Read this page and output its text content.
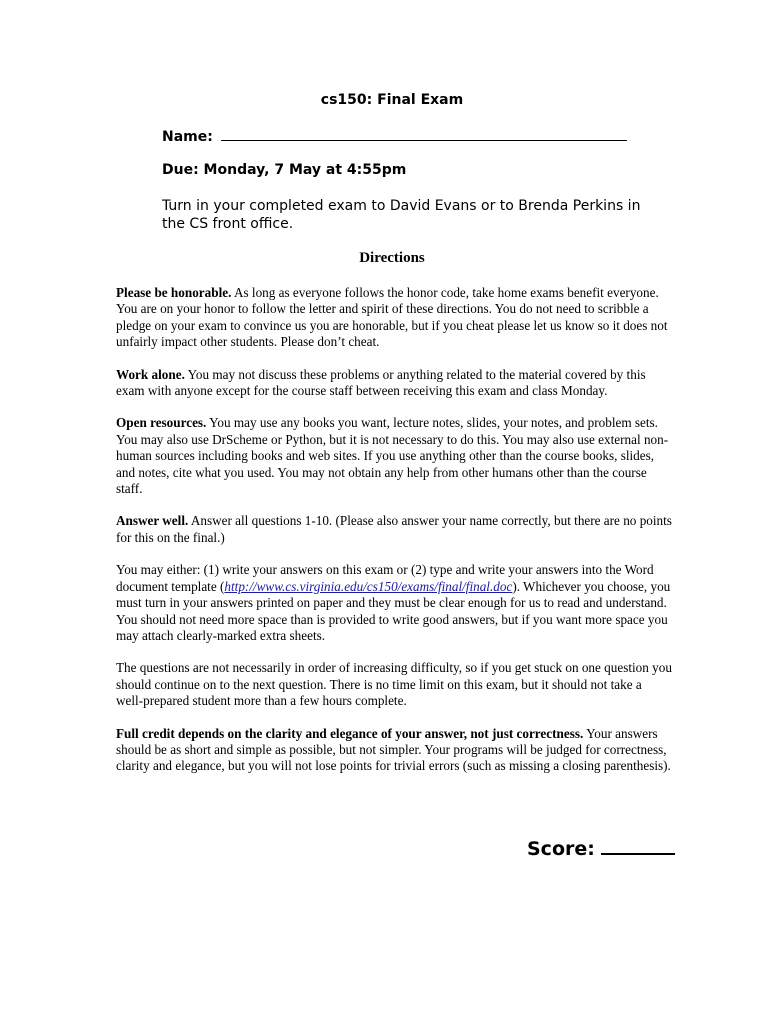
cs150: Final Exam
Name:
Due: Monday, 7 May at 4:55pm
Turn in your completed exam to David Evans or to Brenda Perkins in the CS front office.
Directions

Please be honorable. As long as everyone follows the honor code, take home exams benefit everyone. You are on your honor to follow the letter and spirit of these directions. You do not need to scribble a pledge on your exam to convince us you are honorable, but if you cheat please let us know so it does not unfairly impact other students. Please don’t cheat.

Work alone. You may not discuss these problems or anything related to the material covered by this exam with anyone except for the course staff between receiving this exam and class Monday.

Open resources. You may use any books you want, lecture notes, slides, your notes, and problem sets. You may also use DrScheme or Python, but it is not necessary to do this. You may also use external non-human sources including books and web sites. If you use anything other than the course books, slides, and notes, cite what you used. You may not obtain any help from other humans other than the course staff.

Answer well. Answer all questions 1-10. (Please also answer your name correctly, but there are no points for this on the final.)

You may either: (1) write your answers on this exam or (2) type and write your answers into the Word document template (http://www.cs.virginia.edu/cs150/exams/final/final.doc). Whichever you choose, you must turn in your answers printed on paper and they must be clear enough for us to read and understand. You should not need more space than is provided to write good answers, but if you want more space you may attach clearly-marked extra sheets.

The questions are not necessarily in order of increasing difficulty, so if you get stuck on one question you should continue on to the next question. There is no time limit on this exam, but it should not take a well-prepared student more than a few hours complete.

Full credit depends on the clarity and elegance of your answer, not just correctness. Your answers should be as short and simple as possible, but not simpler. Your programs will be judged for correctness, clarity and elegance, but you will not lose points for trivial errors (such as missing a closing parenthesis).

Score:
